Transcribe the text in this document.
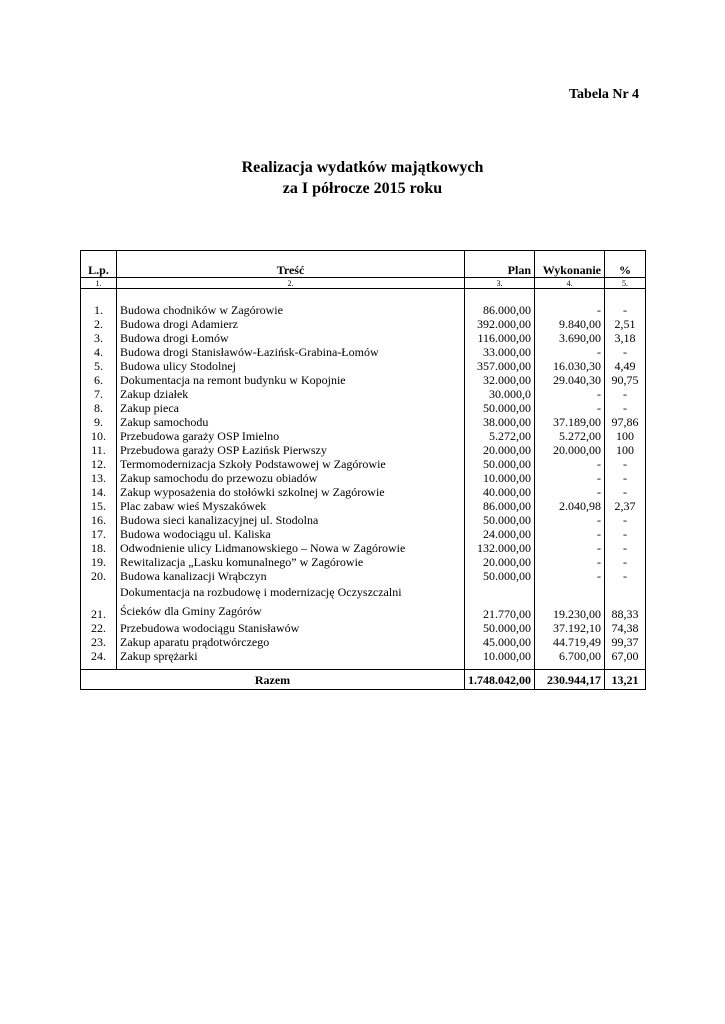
Tabela Nr 4
Realizacja wydatków majątkowych
za I półrocze 2015 roku
L.p.	Treść	Plan	Wykonanie	%
1.	2.	3.	4.	5.

1.	Budowa chodników w Zagórowie	86.000,00	-	-
2.	Budowa drogi Adamierz	392.000,00	9.840,00	2,51
3.	Budowa drogi Łomów	116.000,00	3.690,00	3,18
4.	Budowa drogi Stanisławów-Łazińsk-Grabina-Łomów	33.000,00	-	-
5.	Budowa ulicy Stodolnej	357.000,00	16.030,30	4,49
6.	Dokumentacja na remont budynku w Kopojnie	32.000,00	29.040,30	90,75
7.	Zakup działek	30.000,0	-	-
8.	Zakup pieca	50.000,00	-	-
9.	Zakup samochodu	38.000,00	37.189,00	97,86
10.	Przebudowa garaży OSP Imielno	5.272,00	5.272,00	100
11.	Przebudowa garaży OSP Łazińsk Pierwszy	20.000,00	20.000,00	100
12.	Termomodernizacja Szkoły Podstawowej w Zagórowie	50.000,00	-	-
13.	Zakup samochodu do przewozu obiadów	10.000,00	-	-
14.	Zakup wyposażenia do stołówki szkolnej w Zagórowie	40.000,00	-	-
15.	Plac zabaw wieś Myszakówek	86.000,00	2.040,98	2,37
16.	Budowa sieci kanalizacyjnej ul. Stodolna	50.000,00	-	-
17.	Budowa wodociągu ul. Kaliska	24.000,00	-	-
18.	Odwodnienie ulicy Lidmanowskiego – Nowa w Zagórowie	132.000,00	-	-
19.	Rewitalizacja „Lasku komunalnego” w Zagórowie	20.000,00	-	-
20.	Budowa kanalizacji Wrąbczyn	50.000,00	-	-
21.	Dokumentacja na rozbudowę i modernizację Oczyszczalni
Ścieków dla Gminy Zagórów	21.770,00	19.230,00	88,33
22.	Przebudowa wodociągu Stanisławów	50.000,00	37.192,10	74,38
23.	Zakup aparatu prądotwórczego	45.000,00	44.719,49	99,37
24.	Zakup sprężarki	10.000,00	6.700,00	67,00

Razem		1.748.042,00	230.944,17	13,21
